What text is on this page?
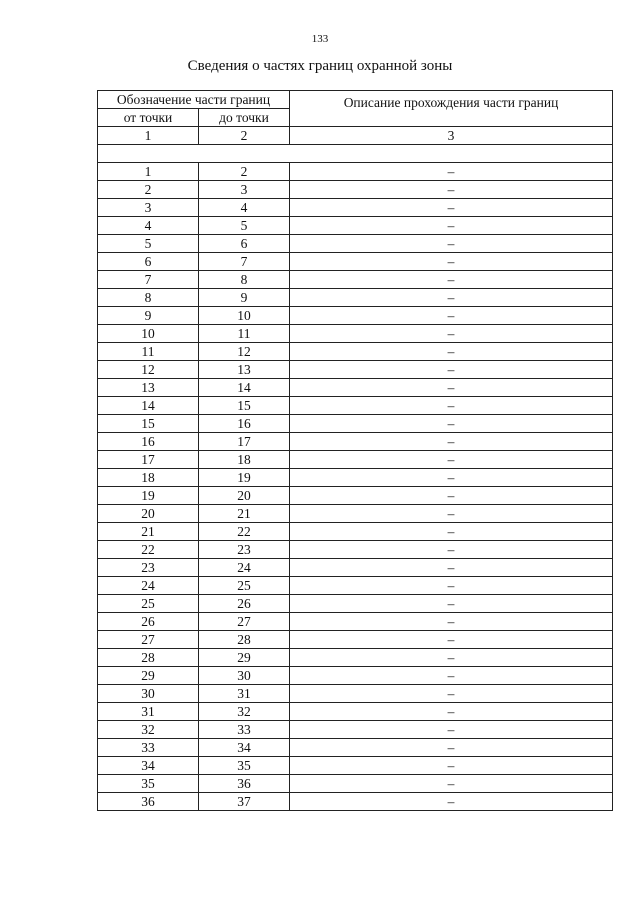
133
Сведения о частях границ охранной зоны
Обозначение части границ		Описание прохождения части границ
от точки	до точки	
1	2	3

1	2	–
2	3	–
3	4	–
4	5	–
5	6	–
6	7	–
7	8	–
8	9	–
9	10	–
10	11	–
11	12	–
12	13	–
13	14	–
14	15	–
15	16	–
16	17	–
17	18	–
18	19	–
19	20	–
20	21	–
21	22	–
22	23	–
23	24	–
24	25	–
25	26	–
26	27	–
27	28	–
28	29	–
29	30	–
30	31	–
31	32	–
32	33	–
33	34	–
34	35	–
35	36	–
36	37	–
